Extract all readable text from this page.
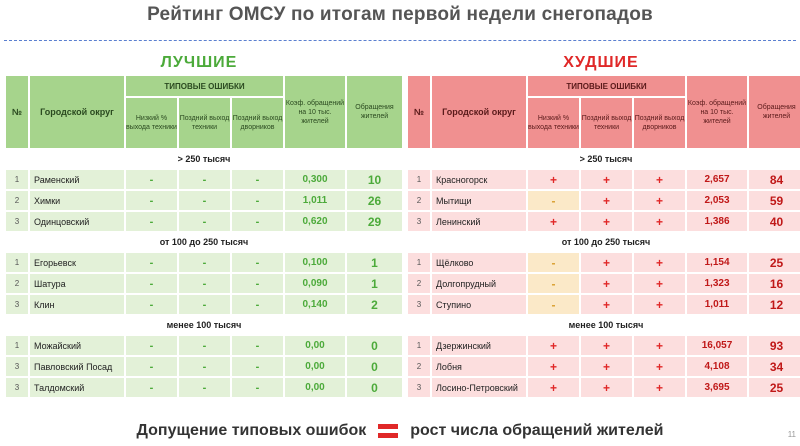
Рейтинг ОМСУ по итогам первой недели снегопадов
ЛУЧШИЕ
№	Городской округ	ТИПОВЫЕ ОШИБКИ			Коэф. обращений на 10 тыс. жителей	Обращения жителей
		Низкий % выхода техники	Поздний выход техники	Поздний выход дворников		
> 250 тысяч						
1	Раменский	-	-	-	0,300	10
2	Химки	-	-	-	1,011	26
3	Одинцовский	-	-	-	0,620	29
от 100 до 250 тысяч						
1	Егорьевск	-	-	-	0,100	1
2	Шатура	-	-	-	0,090	1
3	Клин	-	-	-	0,140	2
менее 100 тысяч						
1	Можайский	-	-	-	0,00	0
3	Павловский Посад	-	-	-	0,00	0
3	Талдомский	-	-	-	0,00	0
ХУДШИЕ
№	Городской округ	ТИПОВЫЕ ОШИБКИ			Коэф. обращений на 10 тыс. жителей	Обращения жителей
		Низкий % выхода техники	Поздний выход техники	Поздний выход дворников		
> 250 тысяч						
1	Красногорск	+	+	+	2,657	84
2	Мытищи	-	+	+	2,053	59
3	Ленинский	+	+	+	1,386	40
от 100 до 250 тысяч						
1	Щёлково	-	+	+	1,154	25
2	Долгопрудный	-	+	+	1,323	16
3	Ступино	-	+	+	1,011	12
менее 100 тысяч						
1	Дзержинский	+	+	+	16,057	93
2	Лобня	+	+	+	4,108	34
3	Лосино-Петровский	+	+	+	3,695	25
Допущение типовых ошибок	рост числа обращений жителей	11
